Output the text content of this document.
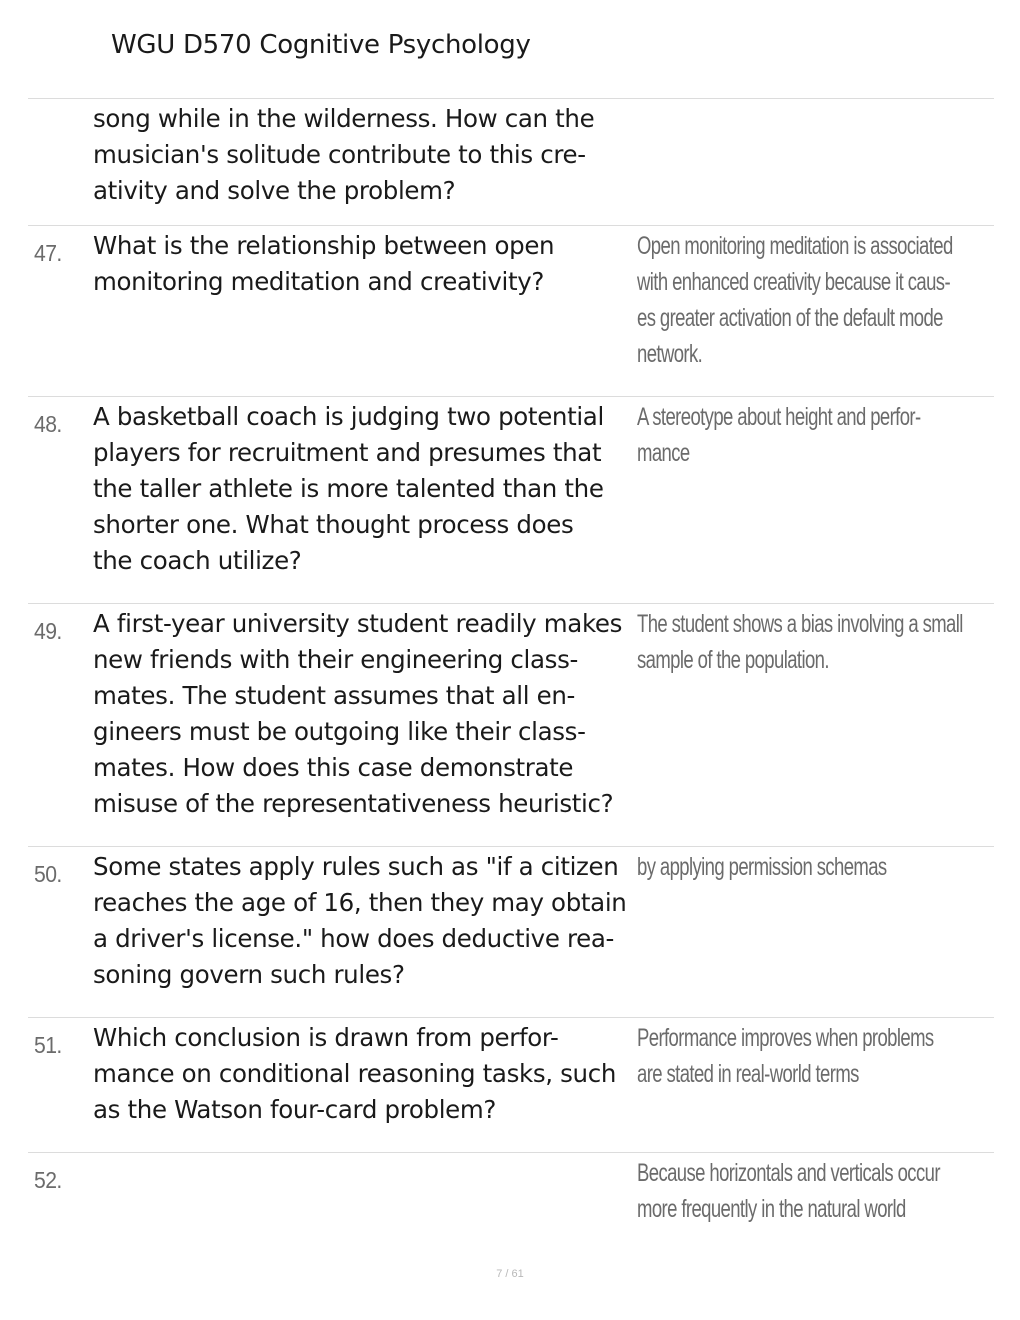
WGU D570 Cognitive Psychology
song while in the wilderness. How can the
musician's solitude contribute to this cre-
ativity and solve the problem?
47. What is the relationship between open
monitoring meditation and creativity?
Open monitoring meditation is associated
with enhanced creativity because it caus-
es greater activation of the default mode
network.
48. A basketball coach is judging two potential
players for recruitment and presumes that
the taller athlete is more talented than the
shorter one. What thought process does
the coach utilize?
A stereotype about height and perfor-
mance
49. A first-year university student readily makes
new friends with their engineering class-
mates. The student assumes that all en-
gineers must be outgoing like their class-
mates. How does this case demonstrate
misuse of the representativeness heuristic?
The student shows a bias involving a small
sample of the population.
50. Some states apply rules such as "if a citizen
reaches the age of 16, then they may obtain
a driver's license." how does deductive rea-
soning govern such rules?
by applying permission schemas
51. Which conclusion is drawn from perfor-
mance on conditional reasoning tasks, such
as the Watson four-card problem?
Performance improves when problems
are stated in real-world terms
52.	Because horizontals and verticals occur
more frequently in the natural world
7 / 61
